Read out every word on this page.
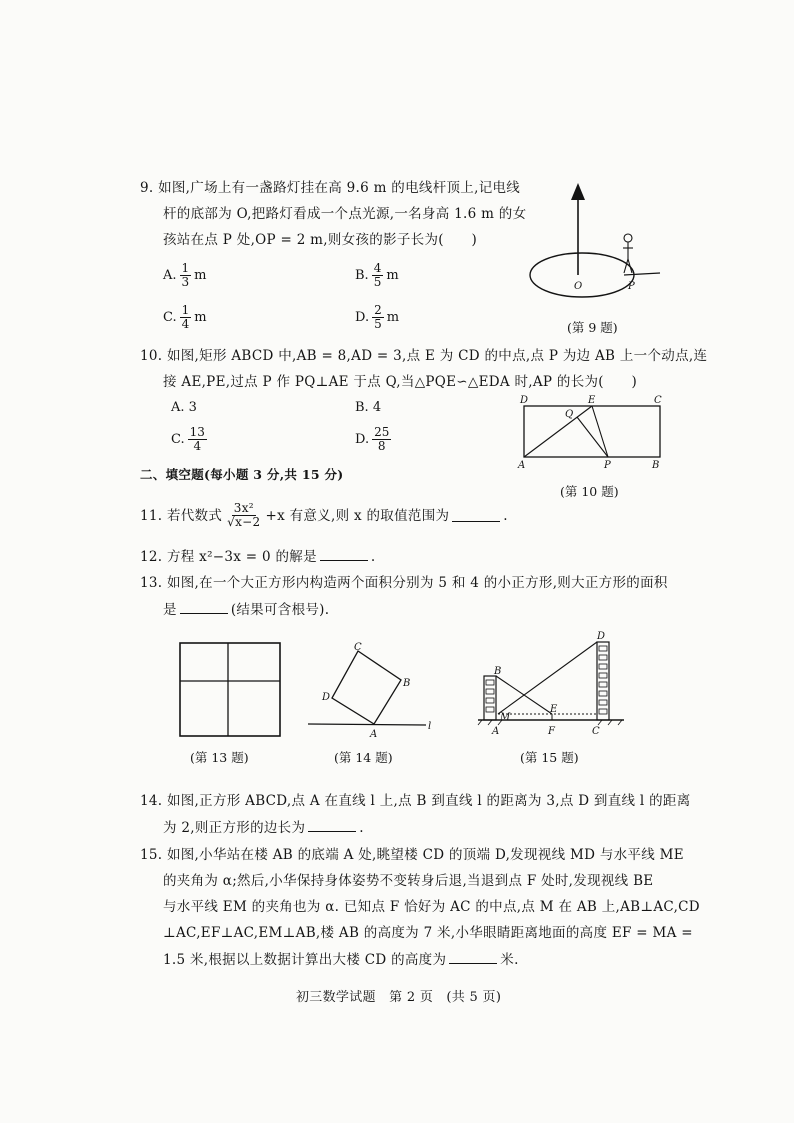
9. 如图,广场上有一盏路灯挂在高 9.6 m 的电线杆顶上,记电线
杆的底部为 O,把路灯看成一个点光源,一名身高 1.6 m 的女
孩站在点 P 处,OP = 2 m,则女孩的影子长为(　　)
A. $\frac{1}{3}$ m	B. $\frac{4}{5}$ m
C. $\frac{1}{4}$ m	D. $\frac{2}{5}$ m
O	P
(第 9 题)
10. 如图,矩形 ABCD 中,AB = 8,AD = 3,点 E 为 CD 的中点,点 P 为边 AB 上一个动点,连
接 AE,PE,过点 P 作 PQ⊥AE 于点 Q,当△PQE∽△EDA 时,AP 的长为(　　)
A. 3	B. 4
C. $\frac{13}{4}$	D. $\frac{25}{8}$
D
Q
E	C
A	P	B
(第 10 题)
二、填空题(每小题 3 分,共 15 分)
11. 若代数式 $\frac{\text{3x²}}{√x-2} +x$ 有意义,则 x 的取值范围为	.
12. 方程 x²−3x = 0 的解是	.
13. 如图,在一个大正方形内构造两个面积分别为 5 和 4 的小正方形,则大正方形的面积
是	(结果可含根号).
C
B
D
A
l
B
D
M
E
A	F	C
(第 13 题)	(第 14 题)	(第 15 题)
14. 如图,正方形 ABCD,点 A 在直线 l 上,点 B 到直线 l 的距离为 3,点 D 到直线 l 的距离
为 2,则正方形的边长为	.
15. 如图,小华站在楼 AB 的底端 A 处,眺望楼 CD 的顶端 D,发现视线 MD 与水平线 ME
的夹角为 α;然后,小华保持身体姿势不变转身后退,当退到点 F 处时,发现视线 BE
与水平线 EM 的夹角也为 α. 已知点 F 恰好为 AC 的中点,点 M 在 AB 上,AB⊥AC,CD
⊥AC,EF⊥AC,EM⊥AB,楼 AB 的高度为 7 米,小华眼睛距离地面的高度 EF = MA =
1.5 米,根据以上数据计算出大楼 CD 的高度为	米.
初三数学试题　第 2 页　(共 5 页)
